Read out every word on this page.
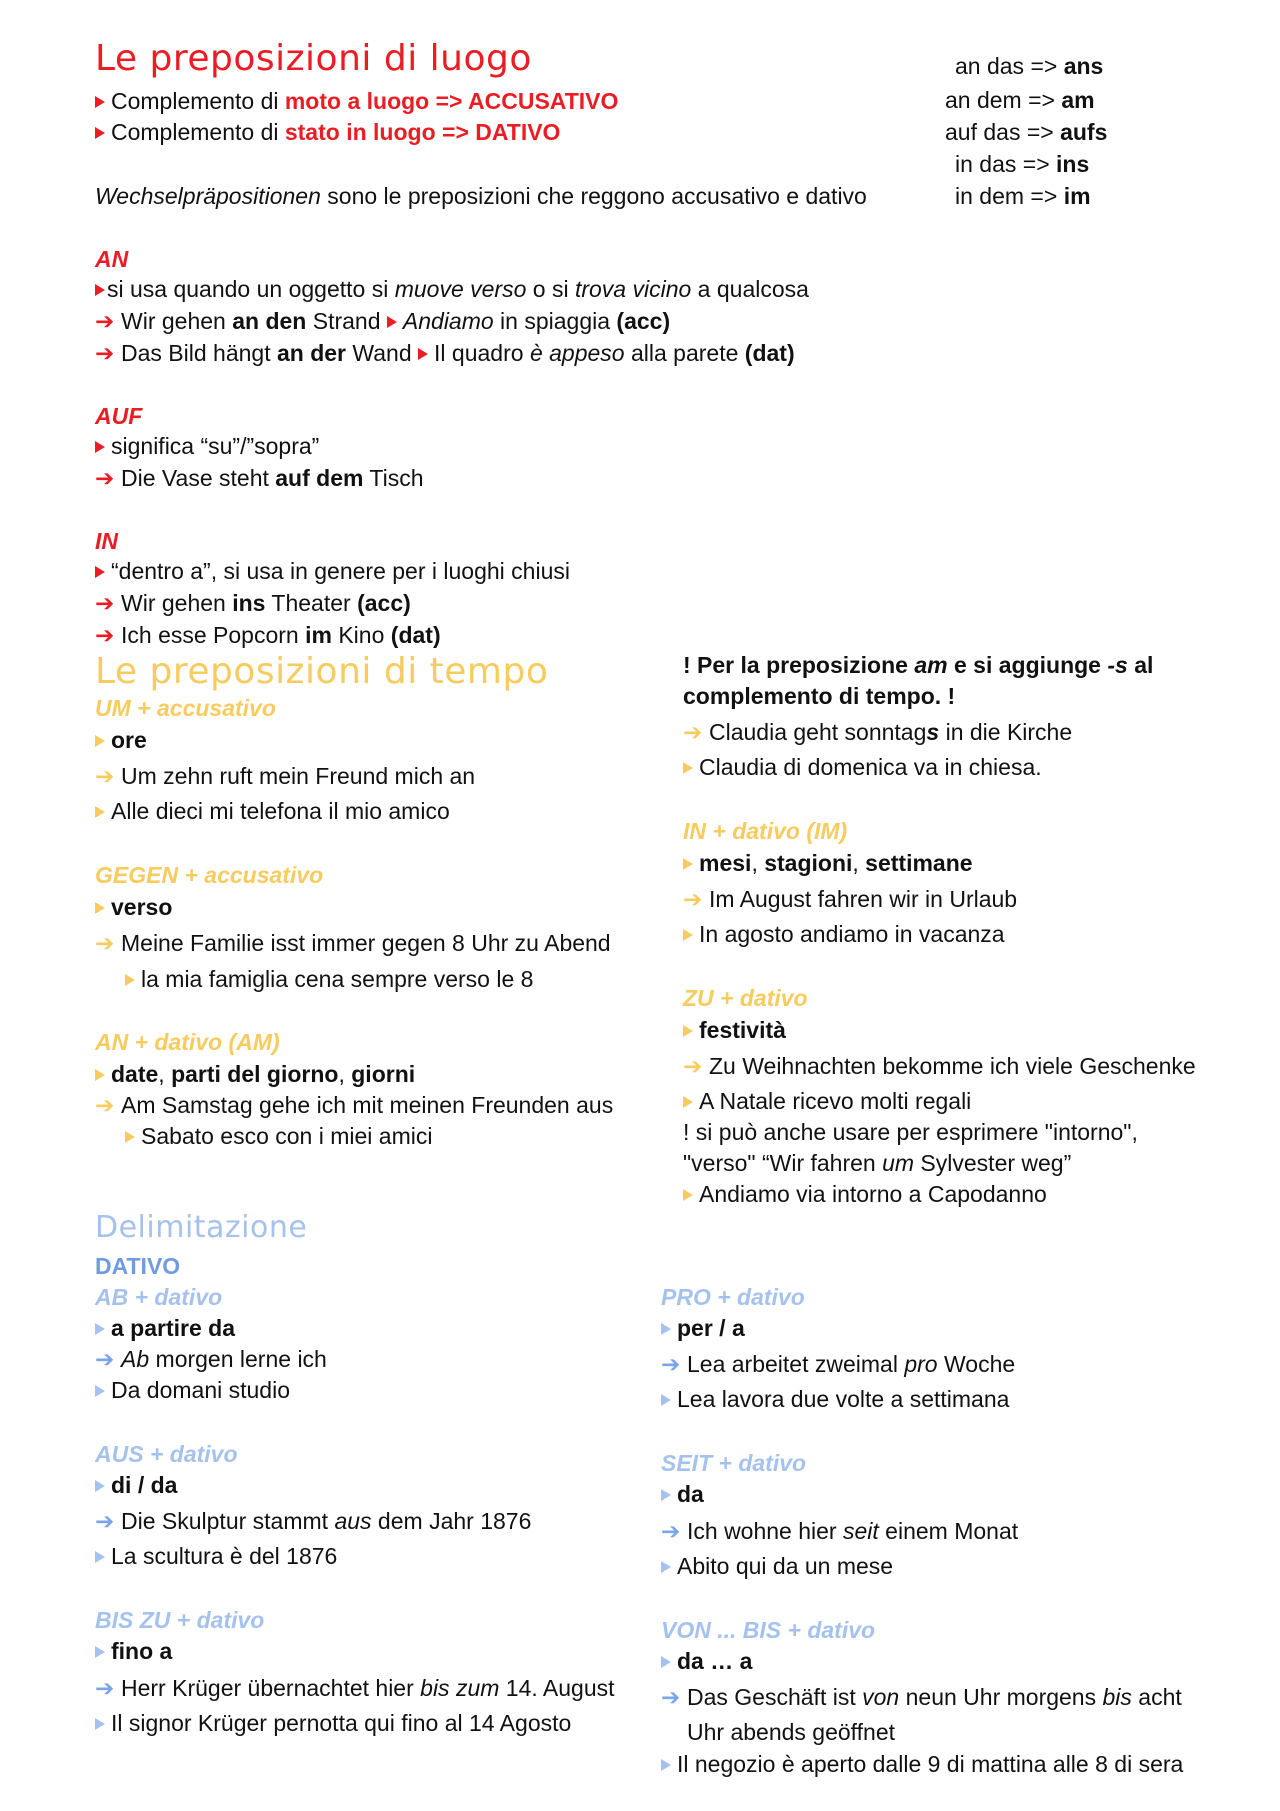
Le preposizioni di luogo
Complemento di moto a luogo => ACCUSATIVO
Complemento di stato in luogo => DATIVO
an das => ans
an dem => am
auf das => aufs
in das => ins
in dem => im
Wechselpräpositionen sono le preposizioni che reggono accusativo e dativo
AN
si usa quando un oggetto si muove verso o si trova vicino a qualcosa
➔ Wir gehen an den Strand Andiamo in spiaggia (acc)
➔ Das Bild hängt an der Wand Il quadro è appeso alla parete (dat)
AUF
significa “su”/”sopra”
➔ Die Vase steht auf dem Tisch
IN
“dentro a”, si usa in genere per i luoghi chiusi
➔ Wir gehen ins Theater (acc)
➔ Ich esse Popcorn im Kino (dat)
Le preposizioni di tempo
UM + accusativo
ore
➔ Um zehn ruft mein Freund mich an
Alle dieci mi telefona il mio amico
GEGEN + accusativo
verso
➔ Meine Familie isst immer gegen 8 Uhr zu Abend
la mia famiglia cena sempre verso le 8
AN + dativo (AM)
date, parti del giorno, giorni
➔ Am Samstag gehe ich mit meinen Freunden aus
Sabato esco con i miei amici
! Per la preposizione am e si aggiunge -s al
complemento di tempo. !
➔ Claudia geht sonntags in die Kirche
Claudia di domenica va in chiesa.
IN + dativo (IM)
mesi, stagioni, settimane
➔ Im August fahren wir in Urlaub
In agosto andiamo in vacanza
ZU + dativo
festività
➔ Zu Weihnachten bekomme ich viele Geschenke
A Natale ricevo molti regali
! si può anche usare per esprimere "intorno",
"verso" “Wir fahren um Sylvester weg”
Andiamo via intorno a Capodanno
Delimitazione
DATIVO
AB + dativo
a partire da
➔ Ab morgen lerne ich
Da domani studio
AUS + dativo
di / da
➔ Die Skulptur stammt aus dem Jahr 1876
La scultura è del 1876
BIS ZU + dativo
fino a
➔ Herr Krüger übernachtet hier bis zum 14. August
Il signor Krüger pernotta qui fino al 14 Agosto
PRO + dativo
per / a
➔ Lea arbeitet zweimal pro Woche
Lea lavora due volte a settimana
SEIT + dativo
da
➔ Ich wohne hier seit einem Monat
Abito qui da un mese
VON ... BIS + dativo
da … a
➔ Das Geschäft ist von neun Uhr morgens bis acht
Uhr abends geöffnet
Il negozio è aperto dalle 9 di mattina alle 8 di sera
